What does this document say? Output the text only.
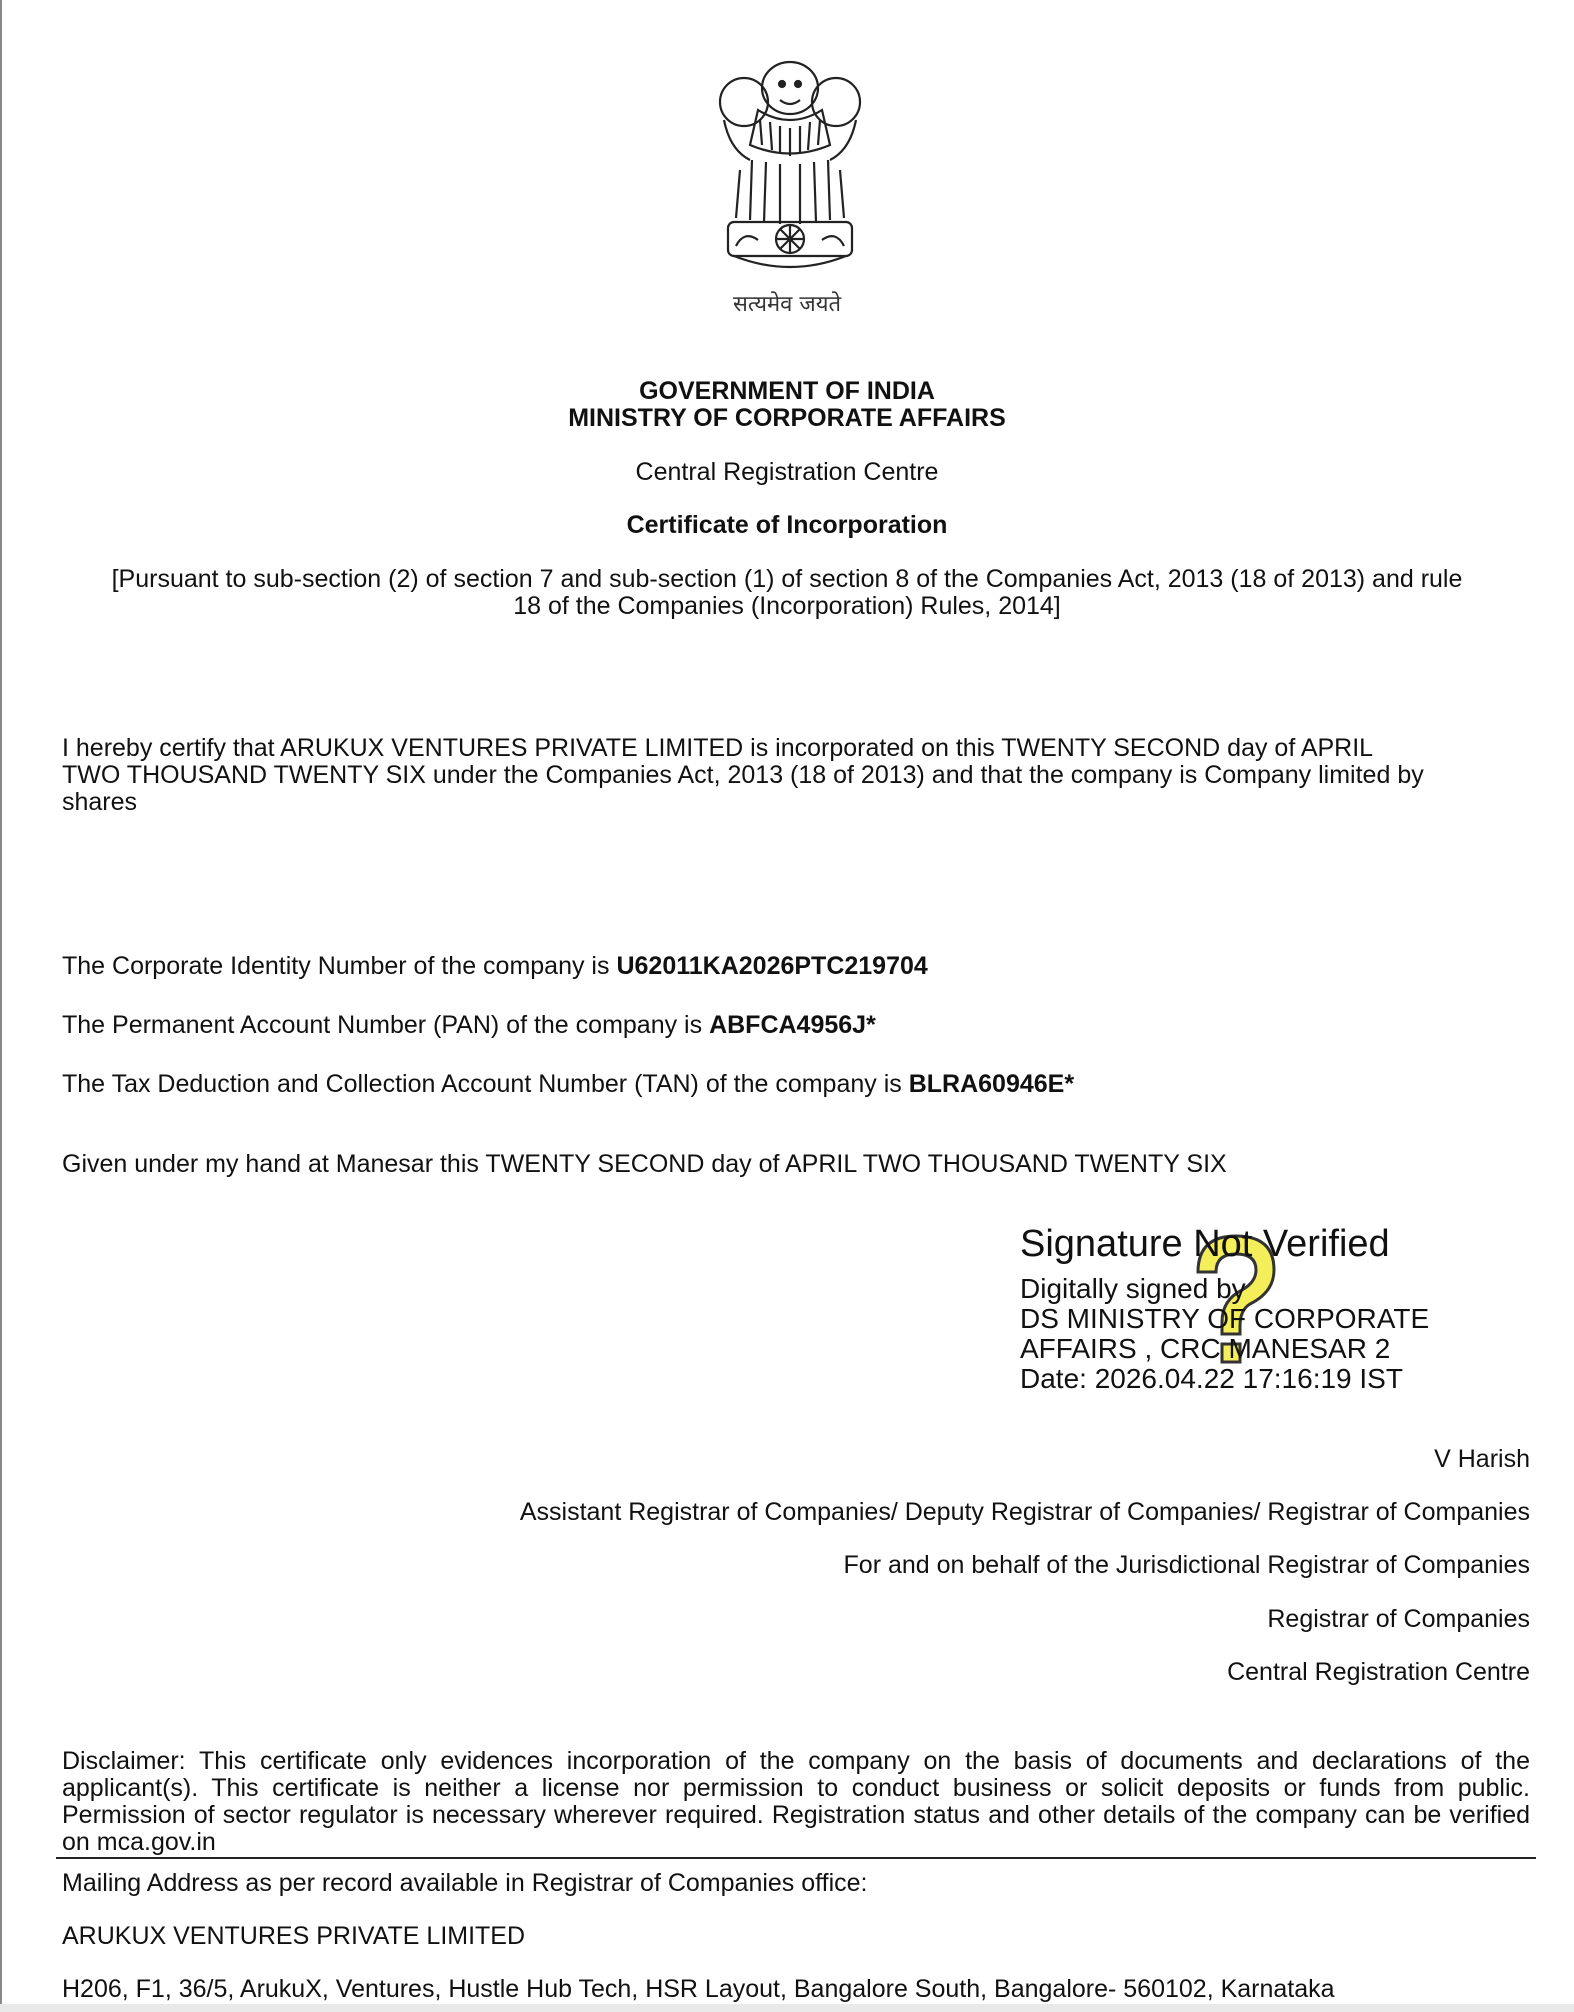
सत्यमेव जयते
GOVERNMENT OF INDIA
MINISTRY OF CORPORATE AFFAIRS
Central Registration Centre
Certificate of Incorporation
[Pursuant to sub-section (2) of section 7 and sub-section (1) of section 8 of the Companies Act, 2013 (18 of 2013) and rule
18 of the Companies (Incorporation) Rules, 2014]
I hereby certify that ARUKUX VENTURES PRIVATE LIMITED is incorporated on this TWENTY SECOND day of APRIL
TWO THOUSAND TWENTY SIX under the Companies Act, 2013 (18 of 2013) and that the company is Company limited by
shares
The Corporate Identity Number of the company is U62011KA2026PTC219704
The Permanent Account Number (PAN) of the company is ABFCA4956J*
The Tax Deduction and Collection Account Number (TAN) of the company is BLRA60946E*
Given under my hand at Manesar this TWENTY SECOND day of APRIL TWO THOUSAND TWENTY SIX
Signature Not Verified
Digitally signed by
DS MINISTRY OF CORPORATE
AFFAIRS , CRC MANESAR 2
Date: 2026.04.22 17:16:19 IST
V Harish
Assistant Registrar of Companies/ Deputy Registrar of Companies/ Registrar of Companies
For and on behalf of the Jurisdictional Registrar of Companies
Registrar of Companies
Central Registration Centre
Disclaimer: This certificate only evidences incorporation of the company on the basis of documents and declarations of the applicant(s). This certificate is neither a license nor permission to conduct business or solicit deposits or funds from public. Permission of sector regulator is necessary wherever required. Registration status and other details of the company can be verified on mca.gov.in
Mailing Address as per record available in Registrar of Companies office:
ARUKUX VENTURES PRIVATE LIMITED
H206, F1, 36/5, ArukuX, Ventures, Hustle Hub Tech, HSR Layout, Bangalore South, Bangalore- 560102, Karnataka
